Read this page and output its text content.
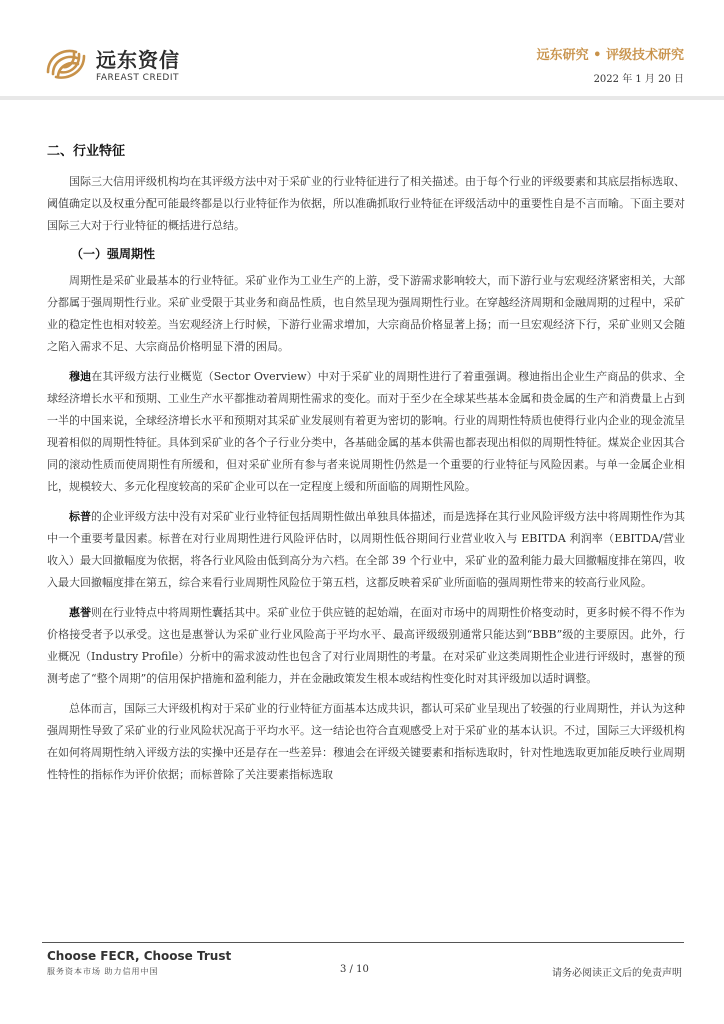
远东资信
FAREAST CREDIT
远东研究 • 评级技术研究
2022 年 1 月 20 日
二、行业特征

国际三大信用评级机构均在其评级方法中对于采矿业的行业特征进行了相关描述。由于每个行业的评级要素和其底层指标选取、阈值确定以及权重分配可能最终都是以行业特征作为依据，所以准确抓取行业特征在评级活动中的重要性自是不言而喻。下面主要对国际三大对于行业特征的概括进行总结。

（一）强周期性

周期性是采矿业最基本的行业特征。采矿业作为工业生产的上游，受下游需求影响较大，而下游行业与宏观经济紧密相关，大部分都属于强周期性行业。采矿业受限于其业务和商品性质，也自然呈现为强周期性行业。在穿越经济周期和金融周期的过程中，采矿业的稳定性也相对较差。当宏观经济上行时候，下游行业需求增加，大宗商品价格显著上扬；而一旦宏观经济下行，采矿业则又会随之陷入需求不足、大宗商品价格明显下滑的困局。

穆迪在其评级方法行业概览（Sector Overview）中对于采矿业的周期性进行了着重强调。穆迪指出企业生产商品的供求、全球经济增长水平和预期、工业生产水平都推动着周期性需求的变化。而对于至少在全球某些基本金属和贵金属的生产和消费量上占到一半的中国来说，全球经济增长水平和预期对其采矿业发展则有着更为密切的影响。行业的周期性特质也使得行业内企业的现金流呈现着相似的周期性特征。具体到采矿业的各个子行业分类中，各基础金属的基本供需也都表现出相似的周期性特征。煤炭企业因其合同的滚动性质而使周期性有所缓和，但对采矿业所有参与者来说周期性仍然是一个重要的行业特征与风险因素。与单一金属企业相比，规模较大、多元化程度较高的采矿企业可以在一定程度上缓和所面临的周期性风险。

标普的企业评级方法中没有对采矿业行业特征包括周期性做出单独具体描述，而是选择在其行业风险评级方法中将周期性作为其中一个重要考量因素。标普在对行业周期性进行风险评估时，以周期性低谷期间行业营业收入与 EBITDA 利润率（EBITDA/营业收入）最大回撤幅度为依据，将各行业风险由低到高分为六档。在全部 39 个行业中，采矿业的盈利能力最大回撤幅度排在第四，收入最大回撤幅度排在第五，综合来看行业周期性风险位于第五档，这都反映着采矿业所面临的强周期性带来的较高行业风险。

惠誉则在行业特点中将周期性囊括其中。采矿业位于供应链的起始端，在面对市场中的周期性价格变动时，更多时候不得不作为价格接受者予以承受。这也是惠誉认为采矿业行业风险高于平均水平、最高评级级别通常只能达到“BBB”级的主要原因。此外，行业概况（Industry Profile）分析中的需求波动性也包含了对行业周期性的考量。在对采矿业这类周期性企业进行评级时，惠誉的预测考虑了“整个周期”的信用保护措施和盈利能力，并在金融政策发生根本或结构性变化时对其评级加以适时调整。

总体而言，国际三大评级机构对于采矿业的行业特征方面基本达成共识，都认可采矿业呈现出了较强的行业周期性，并认为这种强周期性导致了采矿业的行业风险状况高于平均水平。这一结论也符合直观感受上对于采矿业的基本认识。不过，国际三大评级机构在如何将周期性纳入评级方法的实操中还是存在一些差异：穆迪会在评级关键要素和指标选取时，针对性地选取更加能反映行业周期性特性的指标作为评价依据；而标普除了关注要素指标选取

Choose FECR, Choose Trust
服务资本市场 助力信用中国	3 / 10	请务必阅读正文后的免责声明
